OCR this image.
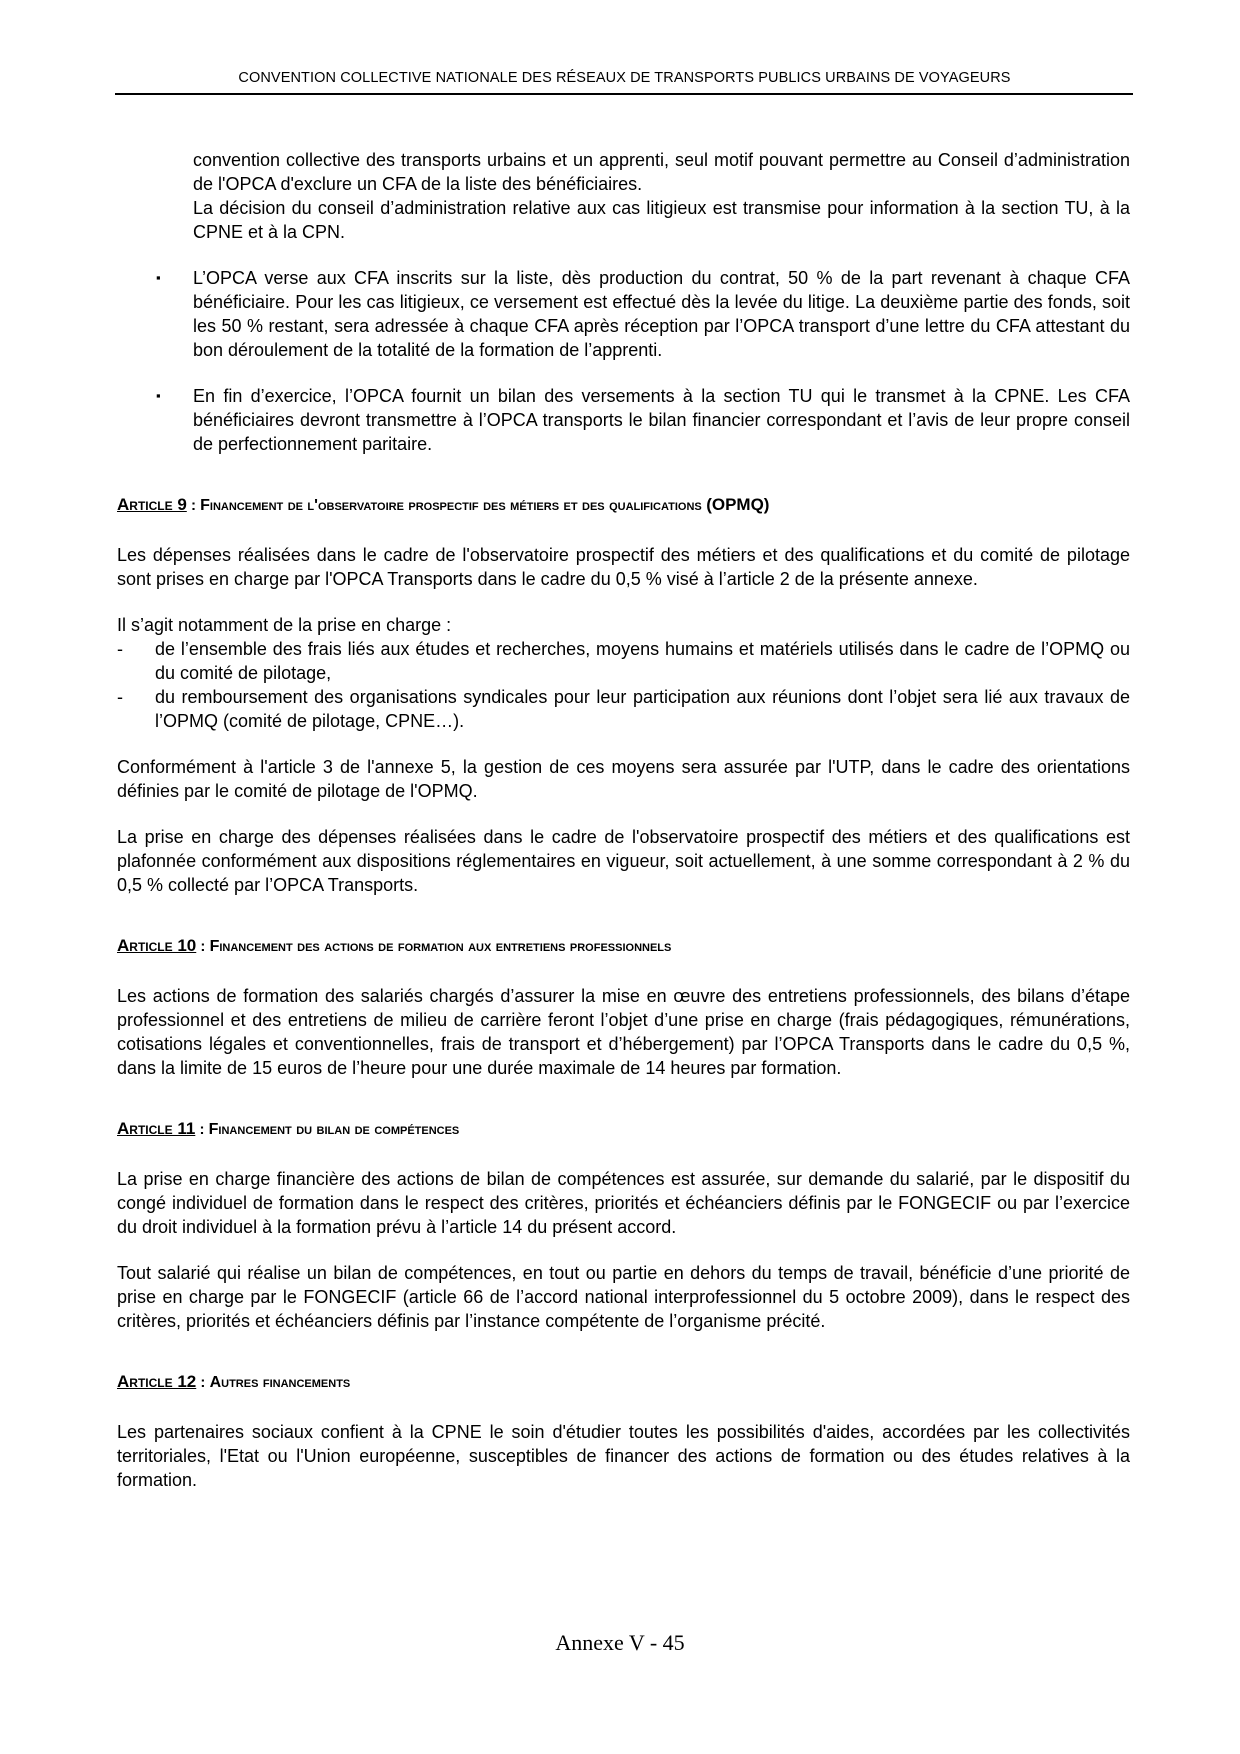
CONVENTION COLLECTIVE NATIONALE DES RÉSEAUX DE TRANSPORTS PUBLICS URBAINS DE VOYAGEURS

convention collective des transports urbains et un apprenti, seul motif pouvant permettre au Conseil d’administration de l'OPCA d'exclure un CFA de la liste des bénéficiaires.

La décision du conseil d’administration relative aux cas litigieux est transmise pour information à la section TU, à la CPNE et à la CPN.

▪ L’OPCA verse aux CFA inscrits sur la liste, dès production du contrat, 50 % de la part revenant à chaque CFA bénéficiaire. Pour les cas litigieux, ce versement est effectué dès la levée du litige. La deuxième partie des fonds, soit les 50 % restant, sera adressée à chaque CFA après réception par l’OPCA transport d’une lettre du CFA attestant du bon déroulement de la totalité de la formation de l’apprenti.

▪ En fin d’exercice, l’OPCA fournit un bilan des versements à la section TU qui le transmet à la CPNE. Les CFA bénéficiaires devront transmettre à l’OPCA transports le bilan financier correspondant et l’avis de leur propre conseil de perfectionnement paritaire.

Article 9 : Financement de l'observatoire prospectif des métiers et des qualifications (OPMQ)

Les dépenses réalisées dans le cadre de l'observatoire prospectif des métiers et des qualifications et du comité de pilotage sont prises en charge par l'OPCA Transports dans le cadre du 0,5 % visé à l’article 2 de la présente annexe.

Il s’agit notamment de la prise en charge :

- de l’ensemble des frais liés aux études et recherches, moyens humains et matériels utilisés dans le cadre de l’OPMQ ou du comité de pilotage,
- du remboursement des organisations syndicales pour leur participation aux réunions dont l’objet sera lié aux travaux de l’OPMQ (comité de pilotage, CPNE…).

Conformément à l'article 3 de l'annexe 5, la gestion de ces moyens sera assurée par l'UTP, dans le cadre des orientations définies par le comité de pilotage de l'OPMQ.

La prise en charge des dépenses réalisées dans le cadre de l'observatoire prospectif des métiers et des qualifications est plafonnée conformément aux dispositions réglementaires en vigueur, soit actuellement, à une somme correspondant à 2 % du 0,5 % collecté par l’OPCA Transports.

Article 10 : Financement des actions de formation aux entretiens professionnels

Les actions de formation des salariés chargés d’assurer la mise en œuvre des entretiens professionnels, des bilans d’étape professionnel et des entretiens de milieu de carrière feront l’objet d’une prise en charge (frais pédagogiques, rémunérations, cotisations légales et conventionnelles, frais de transport et d’hébergement) par l’OPCA Transports dans le cadre du 0,5 %, dans la limite de 15 euros de l’heure pour une durée maximale de 14 heures par formation.

Article 11 : Financement du bilan de compétences

La prise en charge financière des actions de bilan de compétences est assurée, sur demande du salarié, par le dispositif du congé individuel de formation dans le respect des critères, priorités et échéanciers définis par le FONGECIF ou par l’exercice du droit individuel à la formation prévu à l’article 14 du présent accord.

Tout salarié qui réalise un bilan de compétences, en tout ou partie en dehors du temps de travail, bénéficie d’une priorité de prise en charge par le FONGECIF (article 66 de l’accord national interprofessionnel du 5 octobre 2009), dans le respect des critères, priorités et échéanciers définis par l’instance compétente de l’organisme précité.

Article 12 : Autres financements

Les partenaires sociaux confient à la CPNE le soin d'étudier toutes les possibilités d'aides, accordées par les collectivités territoriales, l'Etat ou l'Union européenne, susceptibles de financer des actions de formation ou des études relatives à la formation.

Annexe V - 45
